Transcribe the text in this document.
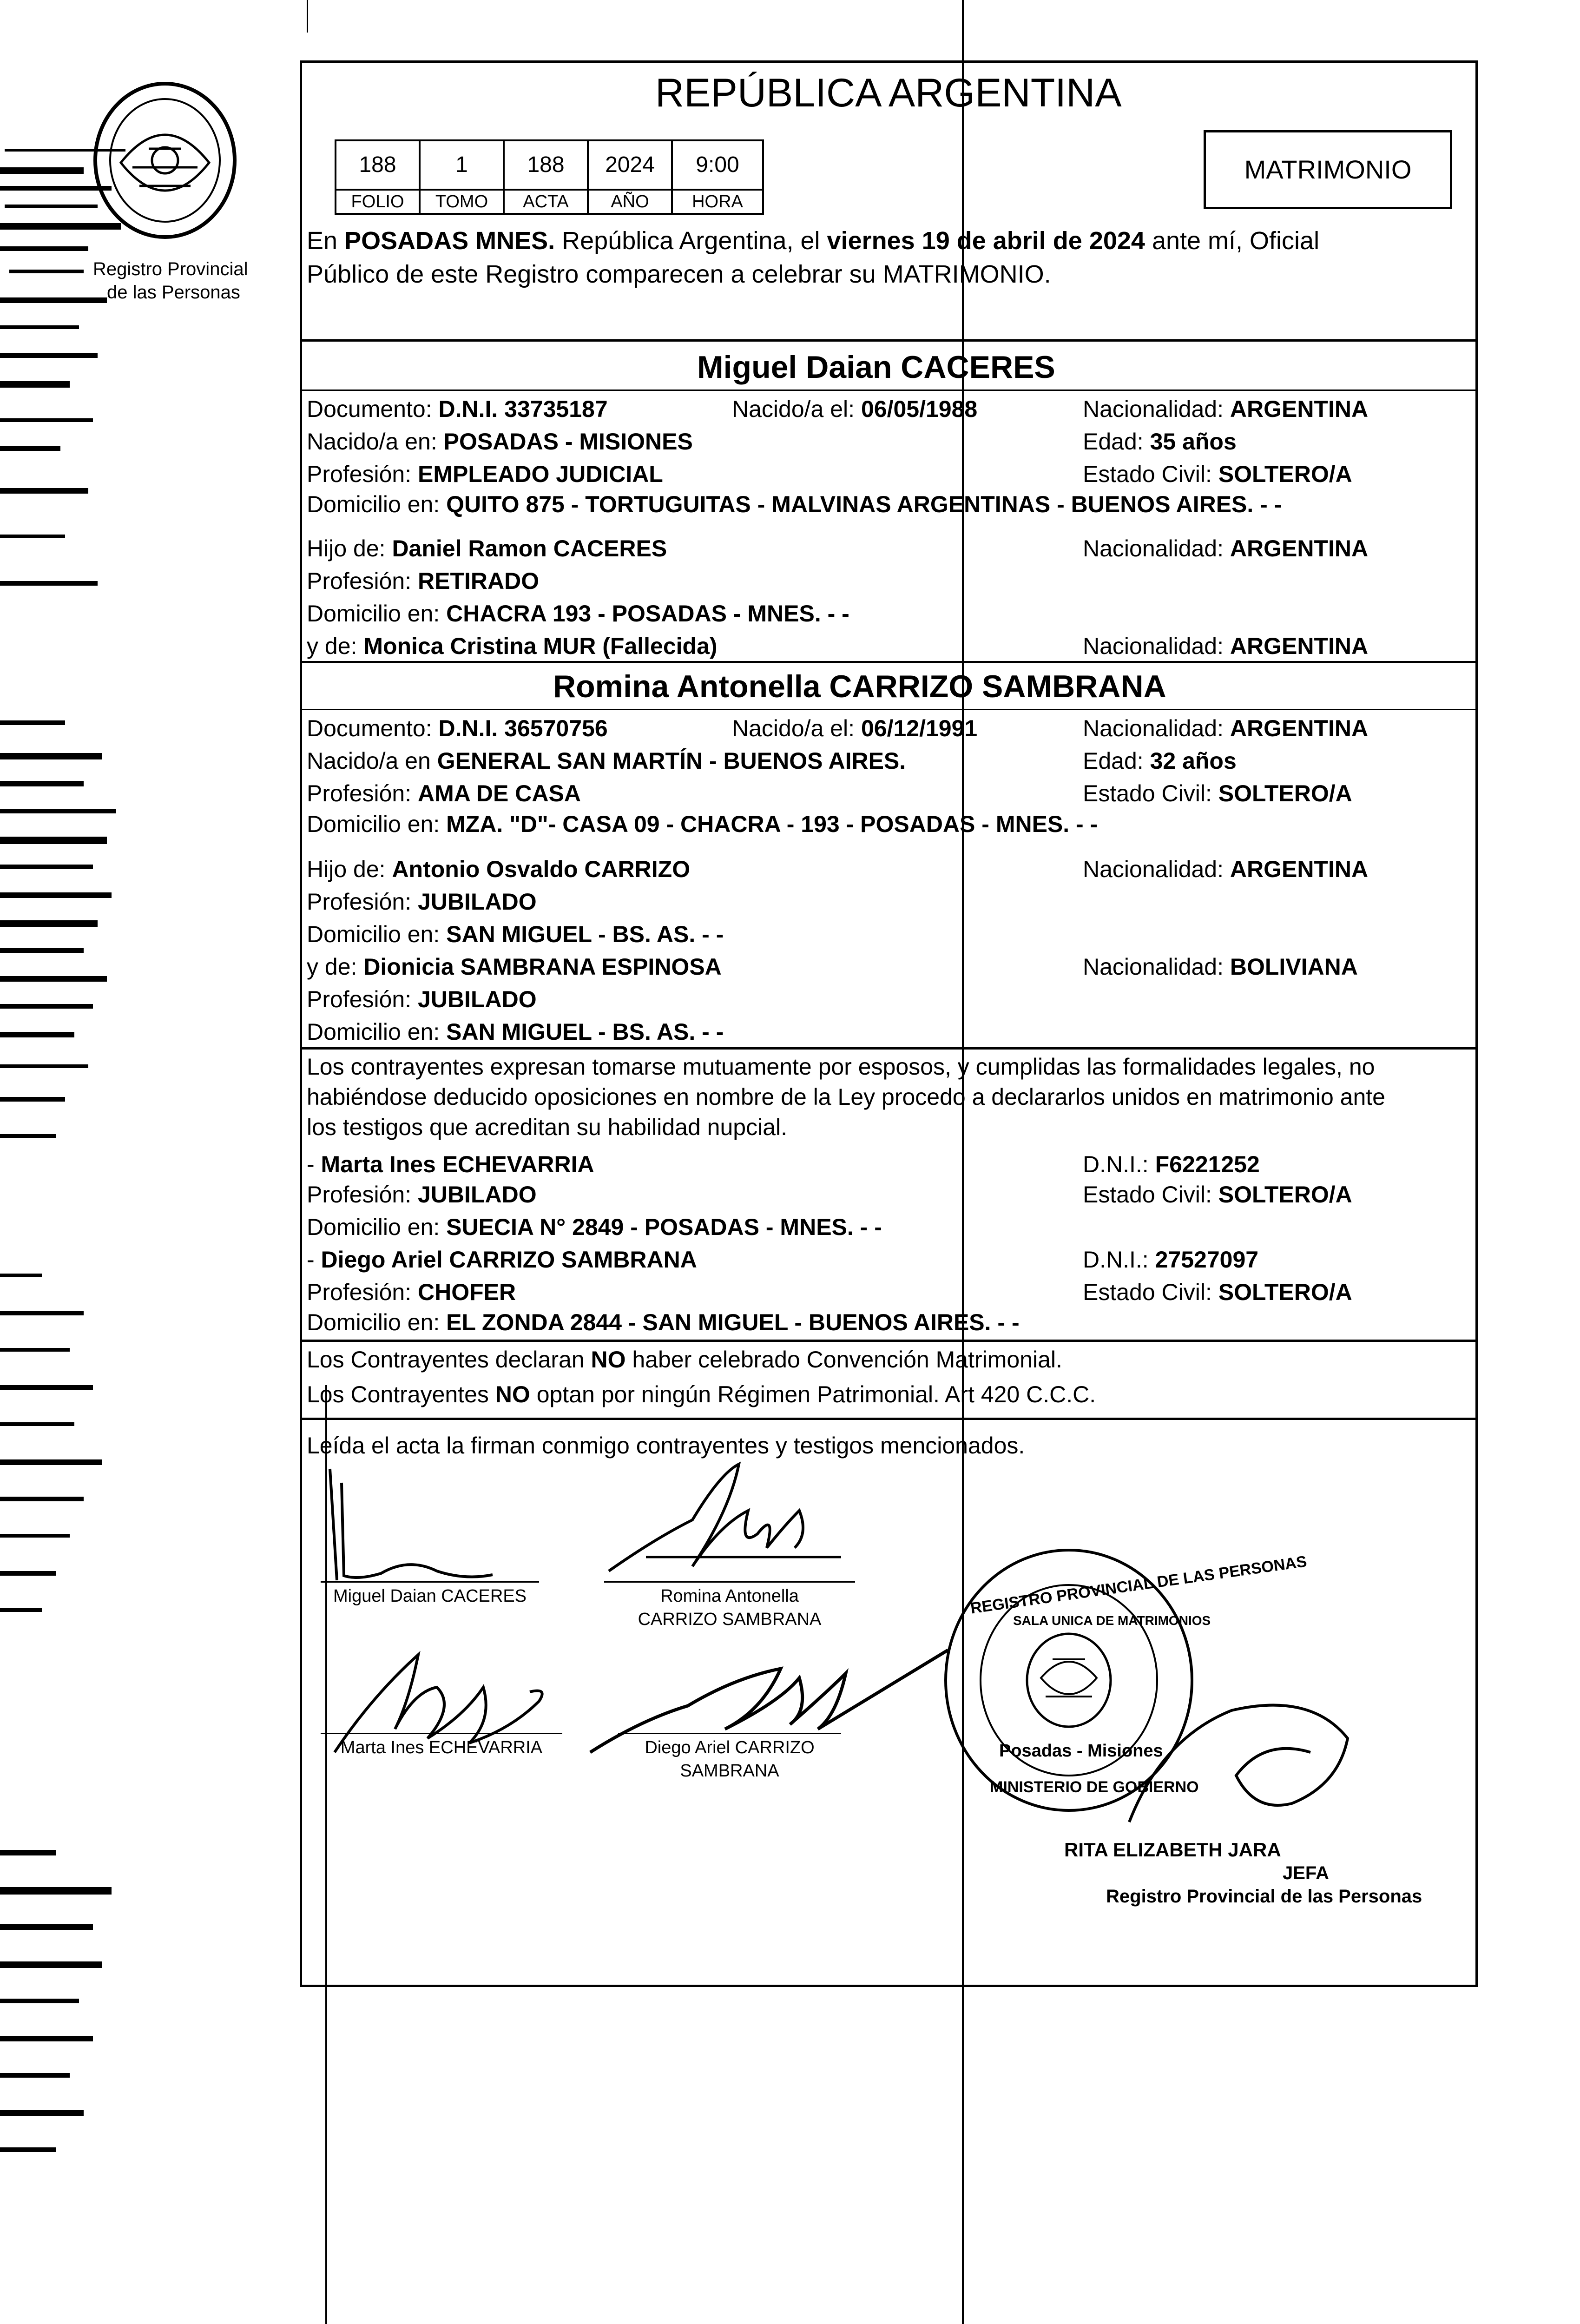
Registro Provincial
de las Personas
REPÚBLICA ARGENTINA
188	1	188	2024	9:00
FOLIO	TOMO	ACTA	AÑO	HORA
MATRIMONIO
En POSADAS MNES. República Argentina, el viernes 19 de abril de 2024 ante mí, Oficial
Público de este Registro comparecen a celebrar su MATRIMONIO.
Miguel Daian CACERES
Documento: D.N.I. 33735187	Nacido/a el: 06/05/1988	Nacionalidad: ARGENTINA
Nacido/a en: POSADAS - MISIONES	Edad: 35 años
Profesión: EMPLEADO JUDICIAL	Estado Civil: SOLTERO/A
Domicilio en: QUITO 875 - TORTUGUITAS - MALVINAS ARGENTINAS - BUENOS AIRES. - -
Hijo de: Daniel Ramon CACERES	Nacionalidad: ARGENTINA
Profesión: RETIRADO
Domicilio en: CHACRA 193 - POSADAS - MNES. - -
y de: Monica Cristina MUR (Fallecida)	Nacionalidad: ARGENTINA
Romina Antonella CARRIZO SAMBRANA
Documento: D.N.I. 36570756	Nacido/a el: 06/12/1991	Nacionalidad: ARGENTINA
Nacido/a en GENERAL SAN MARTÍN - BUENOS AIRES.	Edad: 32 años
Profesión: AMA DE CASA	Estado Civil: SOLTERO/A
Domicilio en: MZA. "D"- CASA 09 - CHACRA - 193 - POSADAS - MNES. - -
Hijo de: Antonio Osvaldo CARRIZO	Nacionalidad: ARGENTINA
Profesión: JUBILADO
Domicilio en: SAN MIGUEL - BS. AS. - -
y de: Dionicia SAMBRANA ESPINOSA	Nacionalidad: BOLIVIANA
Profesión: JUBILADO
Domicilio en: SAN MIGUEL - BS. AS. - -
Los contrayentes expresan tomarse mutuamente por esposos, y cumplidas las formalidades legales, no
habiéndose deducido oposiciones en nombre de la Ley procedo a declararlos unidos en matrimonio ante
los testigos que acreditan su habilidad nupcial.
- Marta Ines ECHEVARRIA	D.N.I.: F6221252
Profesión: JUBILADO	Estado Civil: SOLTERO/A
Domicilio en: SUECIA N° 2849 - POSADAS - MNES. - -
- Diego Ariel CARRIZO SAMBRANA	D.N.I.: 27527097
Profesión: CHOFER	Estado Civil: SOLTERO/A
Domicilio en: EL ZONDA 2844 - SAN MIGUEL - BUENOS AIRES. - -
Los Contrayentes declaran NO haber celebrado Convención Matrimonial.
Los Contrayentes NO optan por ningún Régimen Patrimonial. Art 420 C.C.C.
Leída el acta la firman conmigo contrayentes y testigos mencionados.
Miguel Daian CACERES	Romina Antonella
CARRIZO SAMBRANA
Marta Ines ECHEVARRIA	Diego Ariel CARRIZO
SAMBRANA
REGISTRO PROVINCIAL DE LAS PERSONAS
SALA UNICA DE MATRIMONIOS
Posadas - Misiones
MINISTERIO DE GOBIERNO
RITA ELIZABETH JARA
JEFA
Registro Provincial de las Personas
